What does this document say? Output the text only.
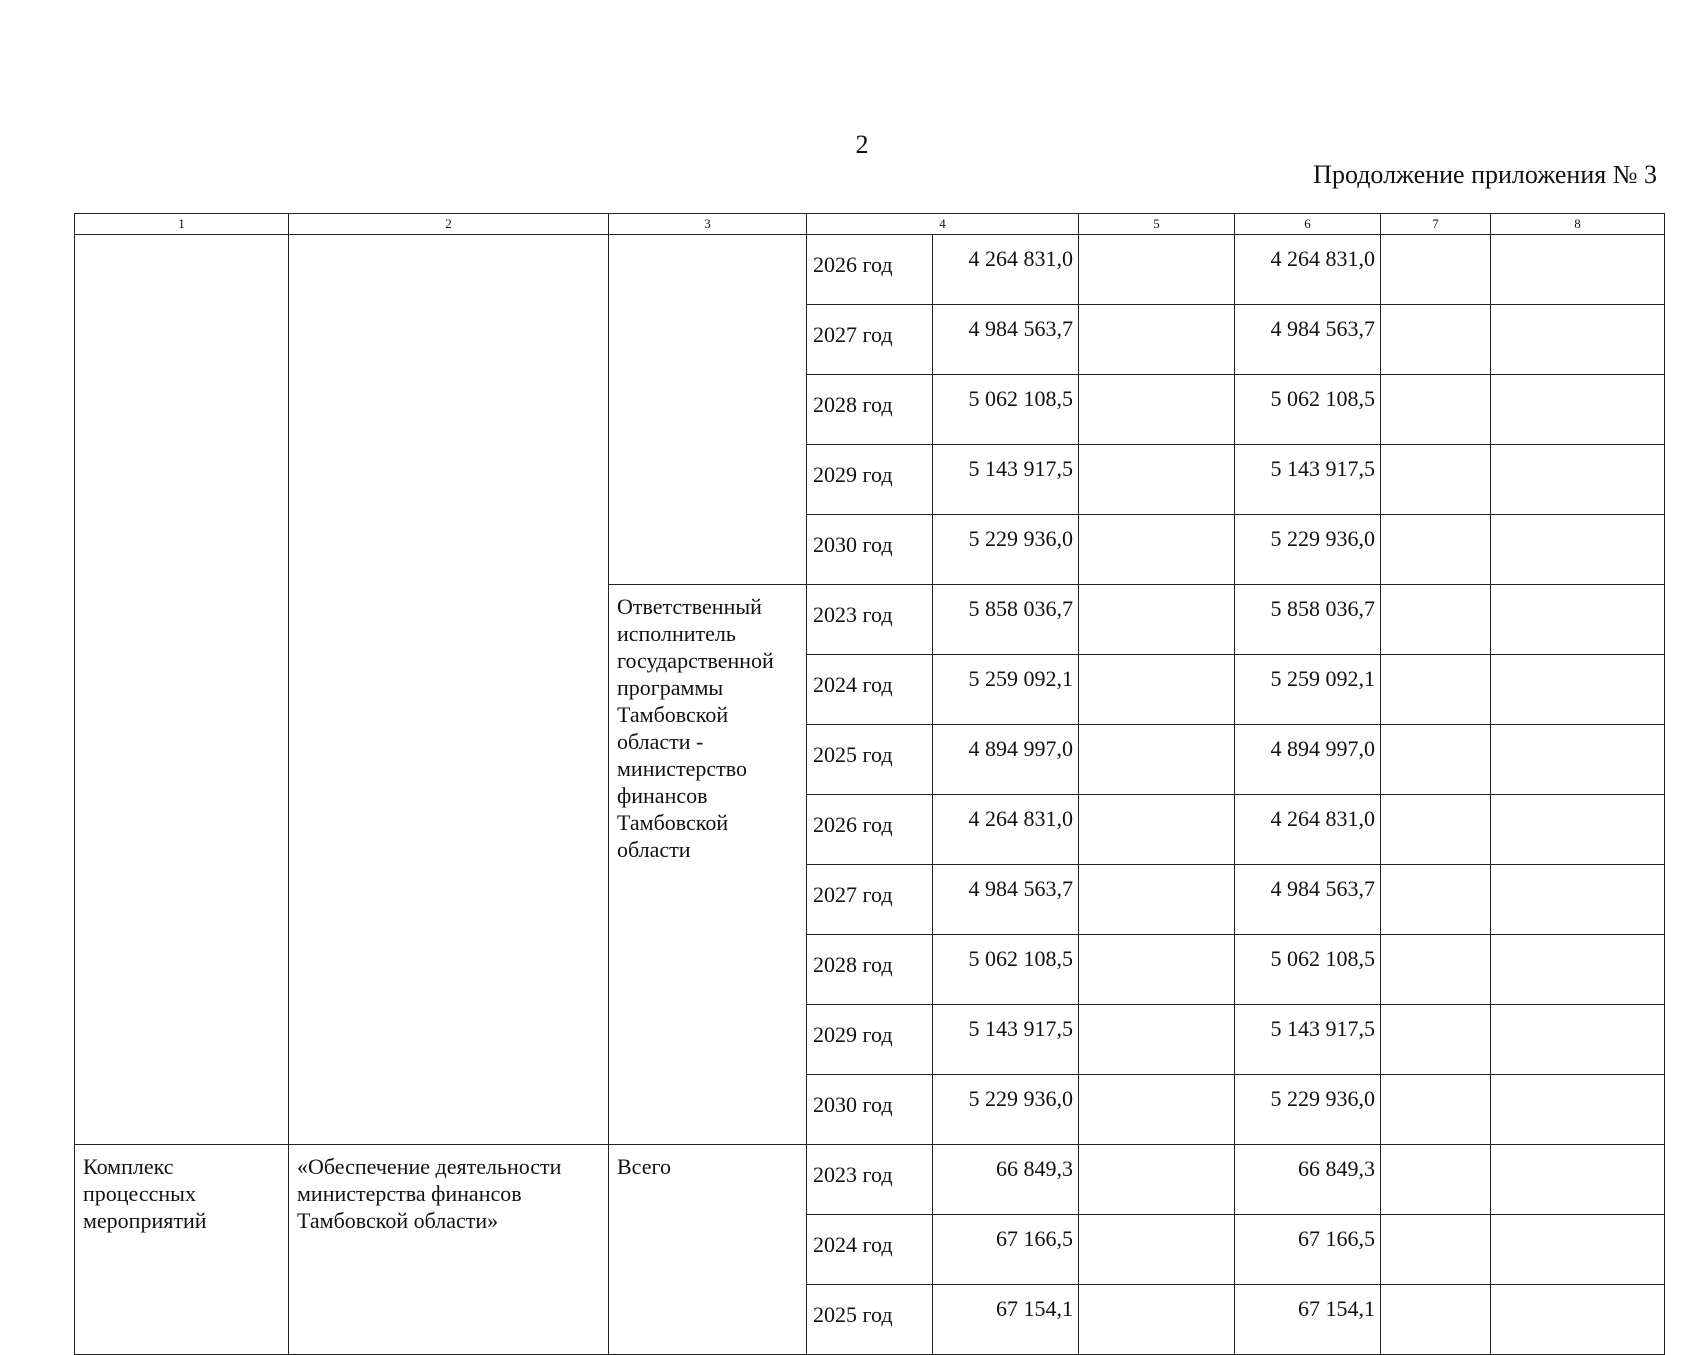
2
Продолжение приложения № 3
1	2	3	4		5	6	7	8
			2026 год	4 264 831,0		4 264 831,0		
			2027 год	4 984 563,7		4 984 563,7		
			2028 год	5 062 108,5		5 062 108,5		
			2029 год	5 143 917,5		5 143 917,5		
			2030 год	5 229 936,0		5 229 936,0		
		Ответственный исполнитель государственной программы Тамбовской области - министерство финансов Тамбовской области	2023 год	5 858 036,7		5 858 036,7		
			2024 год	5 259 092,1		5 259 092,1		
			2025 год	4 894 997,0		4 894 997,0		
			2026 год	4 264 831,0		4 264 831,0		
			2027 год	4 984 563,7		4 984 563,7		
			2028 год	5 062 108,5		5 062 108,5		
			2029 год	5 143 917,5		5 143 917,5		
			2030 год	5 229 936,0		5 229 936,0		
Комплекс процессных мероприятий	«Обеспечение деятельности министерства финансов Тамбовской области»	Всего	2023 год	66 849,3		66 849,3		
			2024 год	67 166,5		67 166,5		
			2025 год	67 154,1		67 154,1		
